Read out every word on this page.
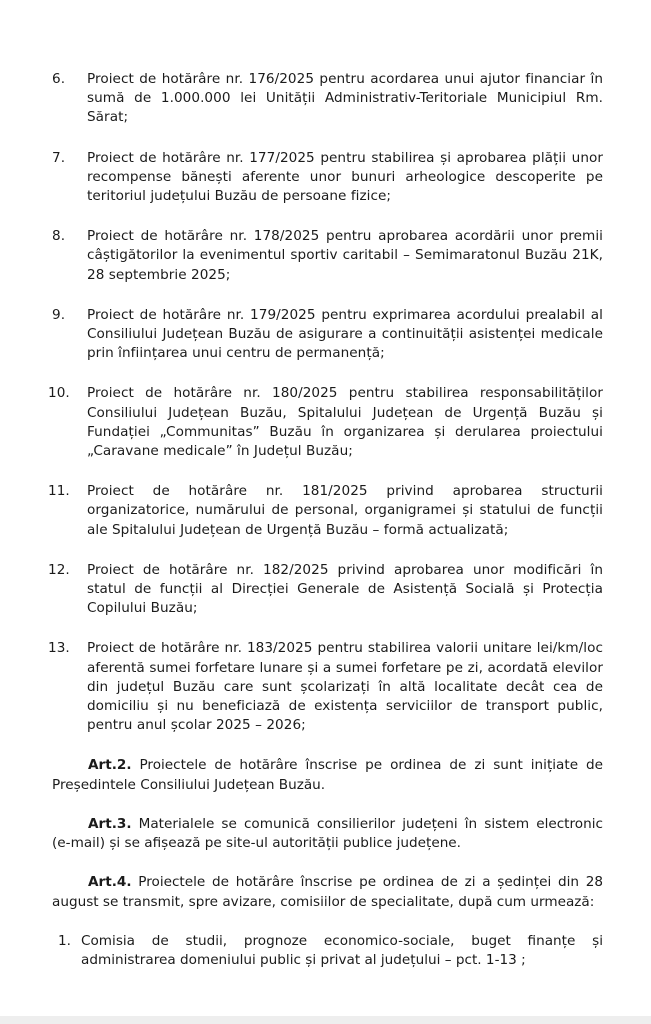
6.	Proiect de hotărâre nr. 176/2025 pentru acordarea unui ajutor financiar în sumă de 1.000.000 lei Unității Administrativ-Teritoriale Municipiul Rm. Sărat;
7.	Proiect de hotărâre nr. 177/2025 pentru stabilirea și aprobarea plății unor recompense bănești aferente unor bunuri arheologice descoperite pe teritoriul județului Buzău de persoane fizice;
8.	Proiect de hotărâre nr. 178/2025 pentru aprobarea acordării unor premii câștigătorilor la evenimentul sportiv caritabil – Semimaratonul Buzău 21K, 28 septembrie 2025;
9.	Proiect de hotărâre nr. 179/2025 pentru exprimarea acordului prealabil al Consiliului Județean Buzău de asigurare a continuității asistenței medicale prin înființarea unui centru de permanență;
10.	Proiect de hotărâre nr. 180/2025 pentru stabilirea responsabilităților Consiliului Județean Buzău, Spitalului Județean de Urgență Buzău și Fundației „Communitas” Buzău în organizarea și derularea proiectului „Caravane medicale” în Județul Buzău;
11.	Proiect de hotărâre nr. 181/2025 privind aprobarea structurii organizatorice, numărului de personal, organigramei și statului de funcții ale Spitalului Județean de Urgență Buzău – formă actualizată;
12.	Proiect de hotărâre nr. 182/2025 privind aprobarea unor modificări în statul de funcții al Direcției Generale de Asistență Socială și Protecția Copilului Buzău;
13.	Proiect de hotărâre nr. 183/2025 pentru stabilirea valorii unitare lei/km/loc aferentă sumei forfetare lunare și a sumei forfetare pe zi, acordată elevilor din județul Buzău care sunt școlarizați în altă localitate decât cea de domiciliu și nu beneficiază de existența serviciilor de transport public, pentru anul școlar 2025 – 2026;
Art.2. Proiectele de hotărâre înscrise pe ordinea de zi sunt inițiate de Președintele Consiliului Județean Buzău.
Art.3. Materialele se comunică consilierilor județeni în sistem electronic (e-mail) și se afișează pe site-ul autorității publice județene.
Art.4. Proiectele de hotărâre înscrise pe ordinea de zi a ședinței din 28 august se transmit, spre avizare, comisiilor de specialitate, după cum urmează:
1. Comisia de studii, prognoze economico-sociale, buget finanțe și administrarea domeniului public și privat al județului – pct. 1-13 ;
